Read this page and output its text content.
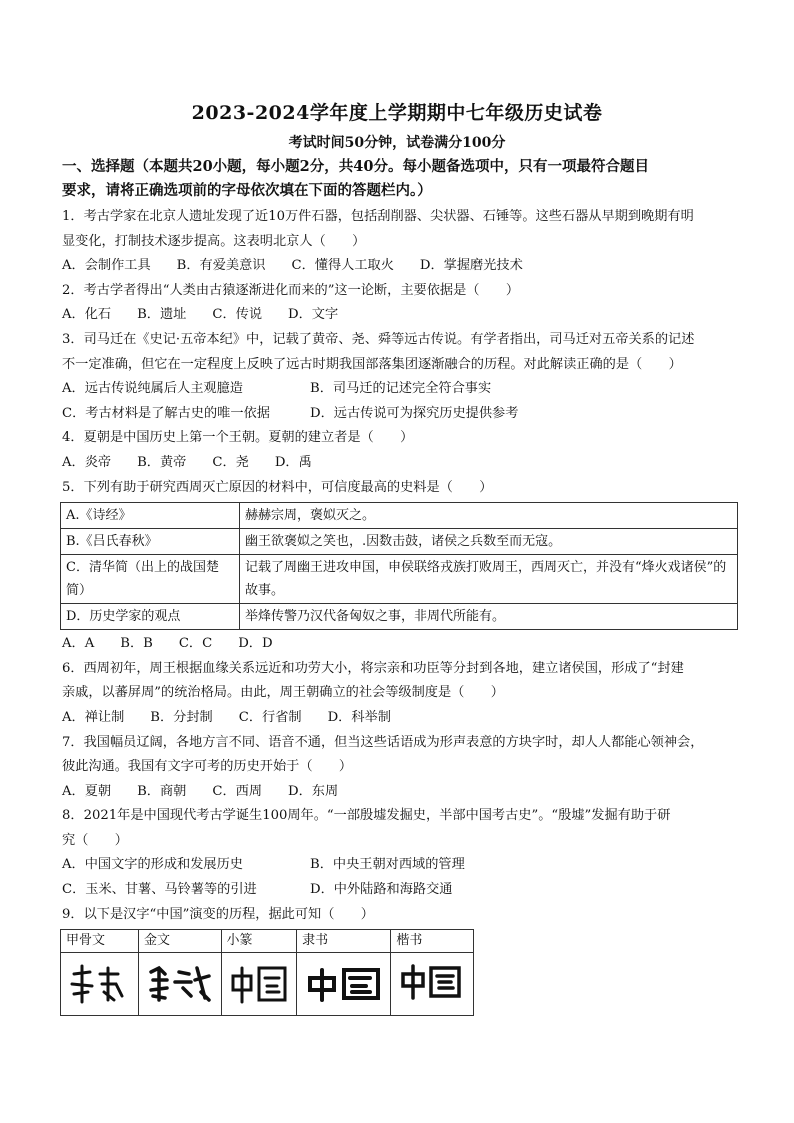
2023-2024学年度上学期期中七年级历史试卷
考试时间50分钟，试卷满分100分
一、选择题（本题共20小题，每小题2分，共40分。每小题备选项中，只有一项最符合题目
要求，请将正确选项前的字母依次填在下面的答题栏内。）
1．考古学家在北京人遗址发现了近10万件石器，包括刮削器、尖状器、石锤等。这些石器从早期到晚期有明
显变化，打制技术逐步提高。这表明北京人（　　）
A．会制作工具 B．有爱美意识 C．懂得人工取火 D．掌握磨光技术
2．考古学者得出“人类由古猿逐渐进化而来的”这一论断，主要依据是（　　）
A．化石 B．遗址 C．传说 D．文字
3．司马迁在《史记·五帝本纪》中，记载了黄帝、尧、舜等远古传说。有学者指出，司马迁对五帝关系的记述
不一定准确，但它在一定程度上反映了远古时期我国部落集团逐渐融合的历程。对此解读正确的是（　　）
A．远古传说纯属后人主观臆造	B．司马迁的记述完全符合事实
C．考古材料是了解古史的唯一依据	D．远古传说可为探究历史提供参考
4．夏朝是中国历史上第一个王朝。夏朝的建立者是（　　）
A．炎帝 B．黄帝 C．尧 D．禹
5．下列有助于研究西周灭亡原因的材料中，可信度最高的史料是（　　）
A.《诗经》	赫赫宗周，褒姒灭之。
B.《吕氏春秋》	幽王欲褒姒之笑也，.因数击鼓，诸侯之兵数至而无寇。
C．清华简（出上的战国楚简）	记载了周幽王进攻申国，申侯联络戎族打败周王，西周灭亡，并没有“烽火戏诸侯”的故事。
D．历史学家的观点	举烽传警乃汉代备匈奴之事，非周代所能有。
A．A B．B C．C D．D
6．西周初年，周王根据血缘关系远近和功劳大小，将宗亲和功臣等分封到各地，建立诸侯国，形成了“封建
亲戚，以蕃屏周”的统治格局。由此，周王朝确立的社会等级制度是（　　）
A．禅让制 B．分封制 C．行省制 D．科举制
7．我国幅员辽阔，各地方言不同、语音不通，但当这些话语成为形声表意的方块字时，却人人都能心领神会，
彼此沟通。我国有文字可考的历史开始于（　　）
A．夏朝 B．商朝 C．西周 D．东周
8．2021年是中国现代考古学诞生100周年。“一部殷墟发掘史，半部中国考古史”。“殷墟”发掘有助于研
究（　　）
A．中国文字的形成和发展历史	B．中央王朝对西域的管理
C．玉米、甘薯、马铃薯等的引进	D．中外陆路和海路交通
9．以下是汉字“中国”演变的历程，据此可知（　　）
甲骨文	金文	小篆	隶书	楷书
